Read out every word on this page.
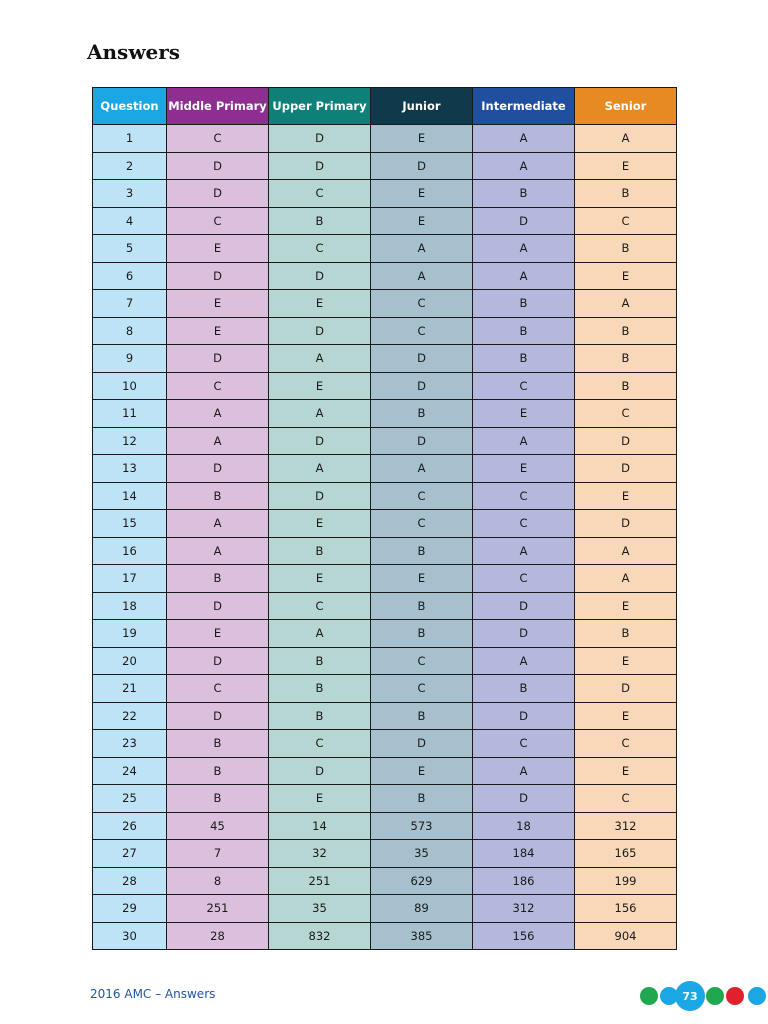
Answers
Question	Middle Primary	Upper Primary	Junior	Intermediate	Senior
1	C	D	E	A	A
2	D	D	D	A	E
3	D	C	E	B	B
4	C	B	E	D	C
5	E	C	A	A	B
6	D	D	A	A	E
7	E	E	C	B	A
8	E	D	C	B	B
9	D	A	D	B	B
10	C	E	D	C	B
11	A	A	B	E	C
12	A	D	D	A	D
13	D	A	A	E	D
14	B	D	C	C	E
15	A	E	C	C	D
16	A	B	B	A	A
17	B	E	E	C	A
18	D	C	B	D	E
19	E	A	B	D	B
20	D	B	C	A	E
21	C	B	C	B	D
22	D	B	B	D	E
23	B	C	D	C	C
24	B	D	E	A	E
25	B	E	B	D	C
26	45	14	573	18	312
27	7	32	35	184	165
28	8	251	629	186	199
29	251	35	89	312	156
30	28	832	385	156	904
2016 AMC – Answers	73
